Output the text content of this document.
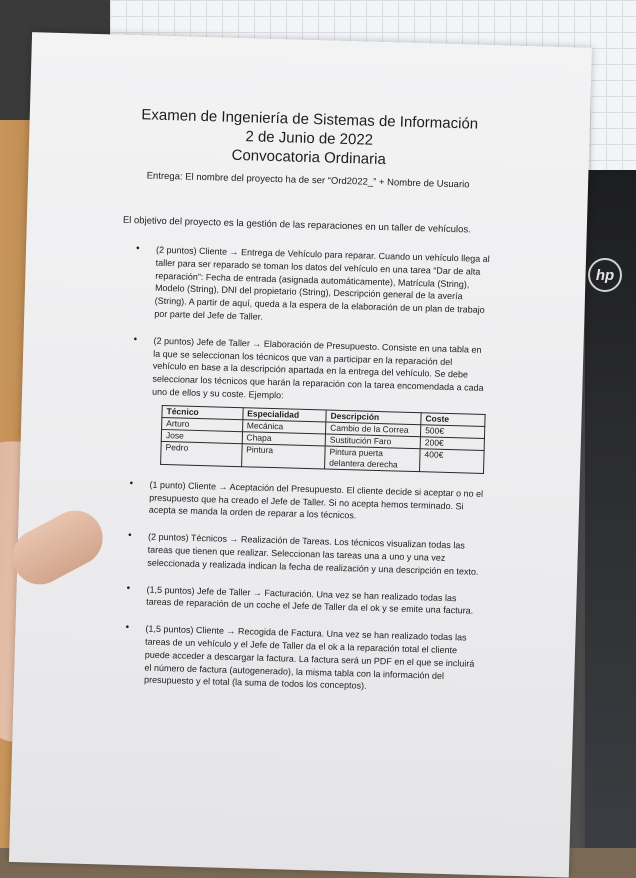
hp
Examen de Ingeniería de Sistemas de Información
2 de Junio de 2022
Convocatoria Ordinaria
Entrega: El nombre del proyecto ha de ser “Ord2022_” + Nombre de Usuario
El objetivo del proyecto es la gestión de las reparaciones en un taller de vehículos.
• (2 puntos) Cliente → Entrega de Vehículo para reparar. Cuando un vehículo llega al taller para ser reparado se toman los datos del vehículo en una tarea “Dar de alta reparación”: Fecha de entrada (asignada automáticamente), Matrícula (String), Modelo (String), DNI del propietario (String), Descripción general de la avería (String). A partir de aquí, queda a la espera de la elaboración de un plan de trabajo por parte del Jefe de Taller.
• (2 puntos) Jefe de Taller → Elaboración de Presupuesto. Consiste en una tabla en la que se seleccionan los técnicos que van a participar en la reparación del vehículo en base a la descripción apartada en la entrega del vehículo. Se debe seleccionar los técnicos que harán la reparación con la tarea encomendada a cada uno de ellos y su coste. Ejemplo:
Técnico	Especialidad	Descripción	Coste
Arturo	Mecánica	Cambio de la Correa	500€
Jose	Chapa	Sustitución Faro	200€
Pedro	Pintura	Pintura puerta delantera derecha	400€
• (1 punto) Cliente → Aceptación del Presupuesto. El cliente decide si aceptar o no el presupuesto que ha creado el Jefe de Taller. Si no acepta hemos terminado. Si acepta se manda la orden de reparar a los técnicos.
• (2 puntos) Técnicos → Realización de Tareas. Los técnicos visualizan todas las tareas que tienen que realizar. Seleccionan las tareas una a uno y una vez seleccionada y realizada indican la fecha de realización y una descripción en texto.
• (1,5 puntos) Jefe de Taller → Facturación. Una vez se han realizado todas las tareas de reparación de un coche el Jefe de Taller da el ok y se emite una factura.
• (1,5 puntos) Cliente → Recogida de Factura. Una vez se han realizado todas las tareas de un vehículo y el Jefe de Taller da el ok a la reparación total el cliente puede acceder a descargar la factura. La factura será un PDF en el que se incluirá el número de factura (autogenerado), la misma tabla con la información del presupuesto y el total (la suma de todos los conceptos).
